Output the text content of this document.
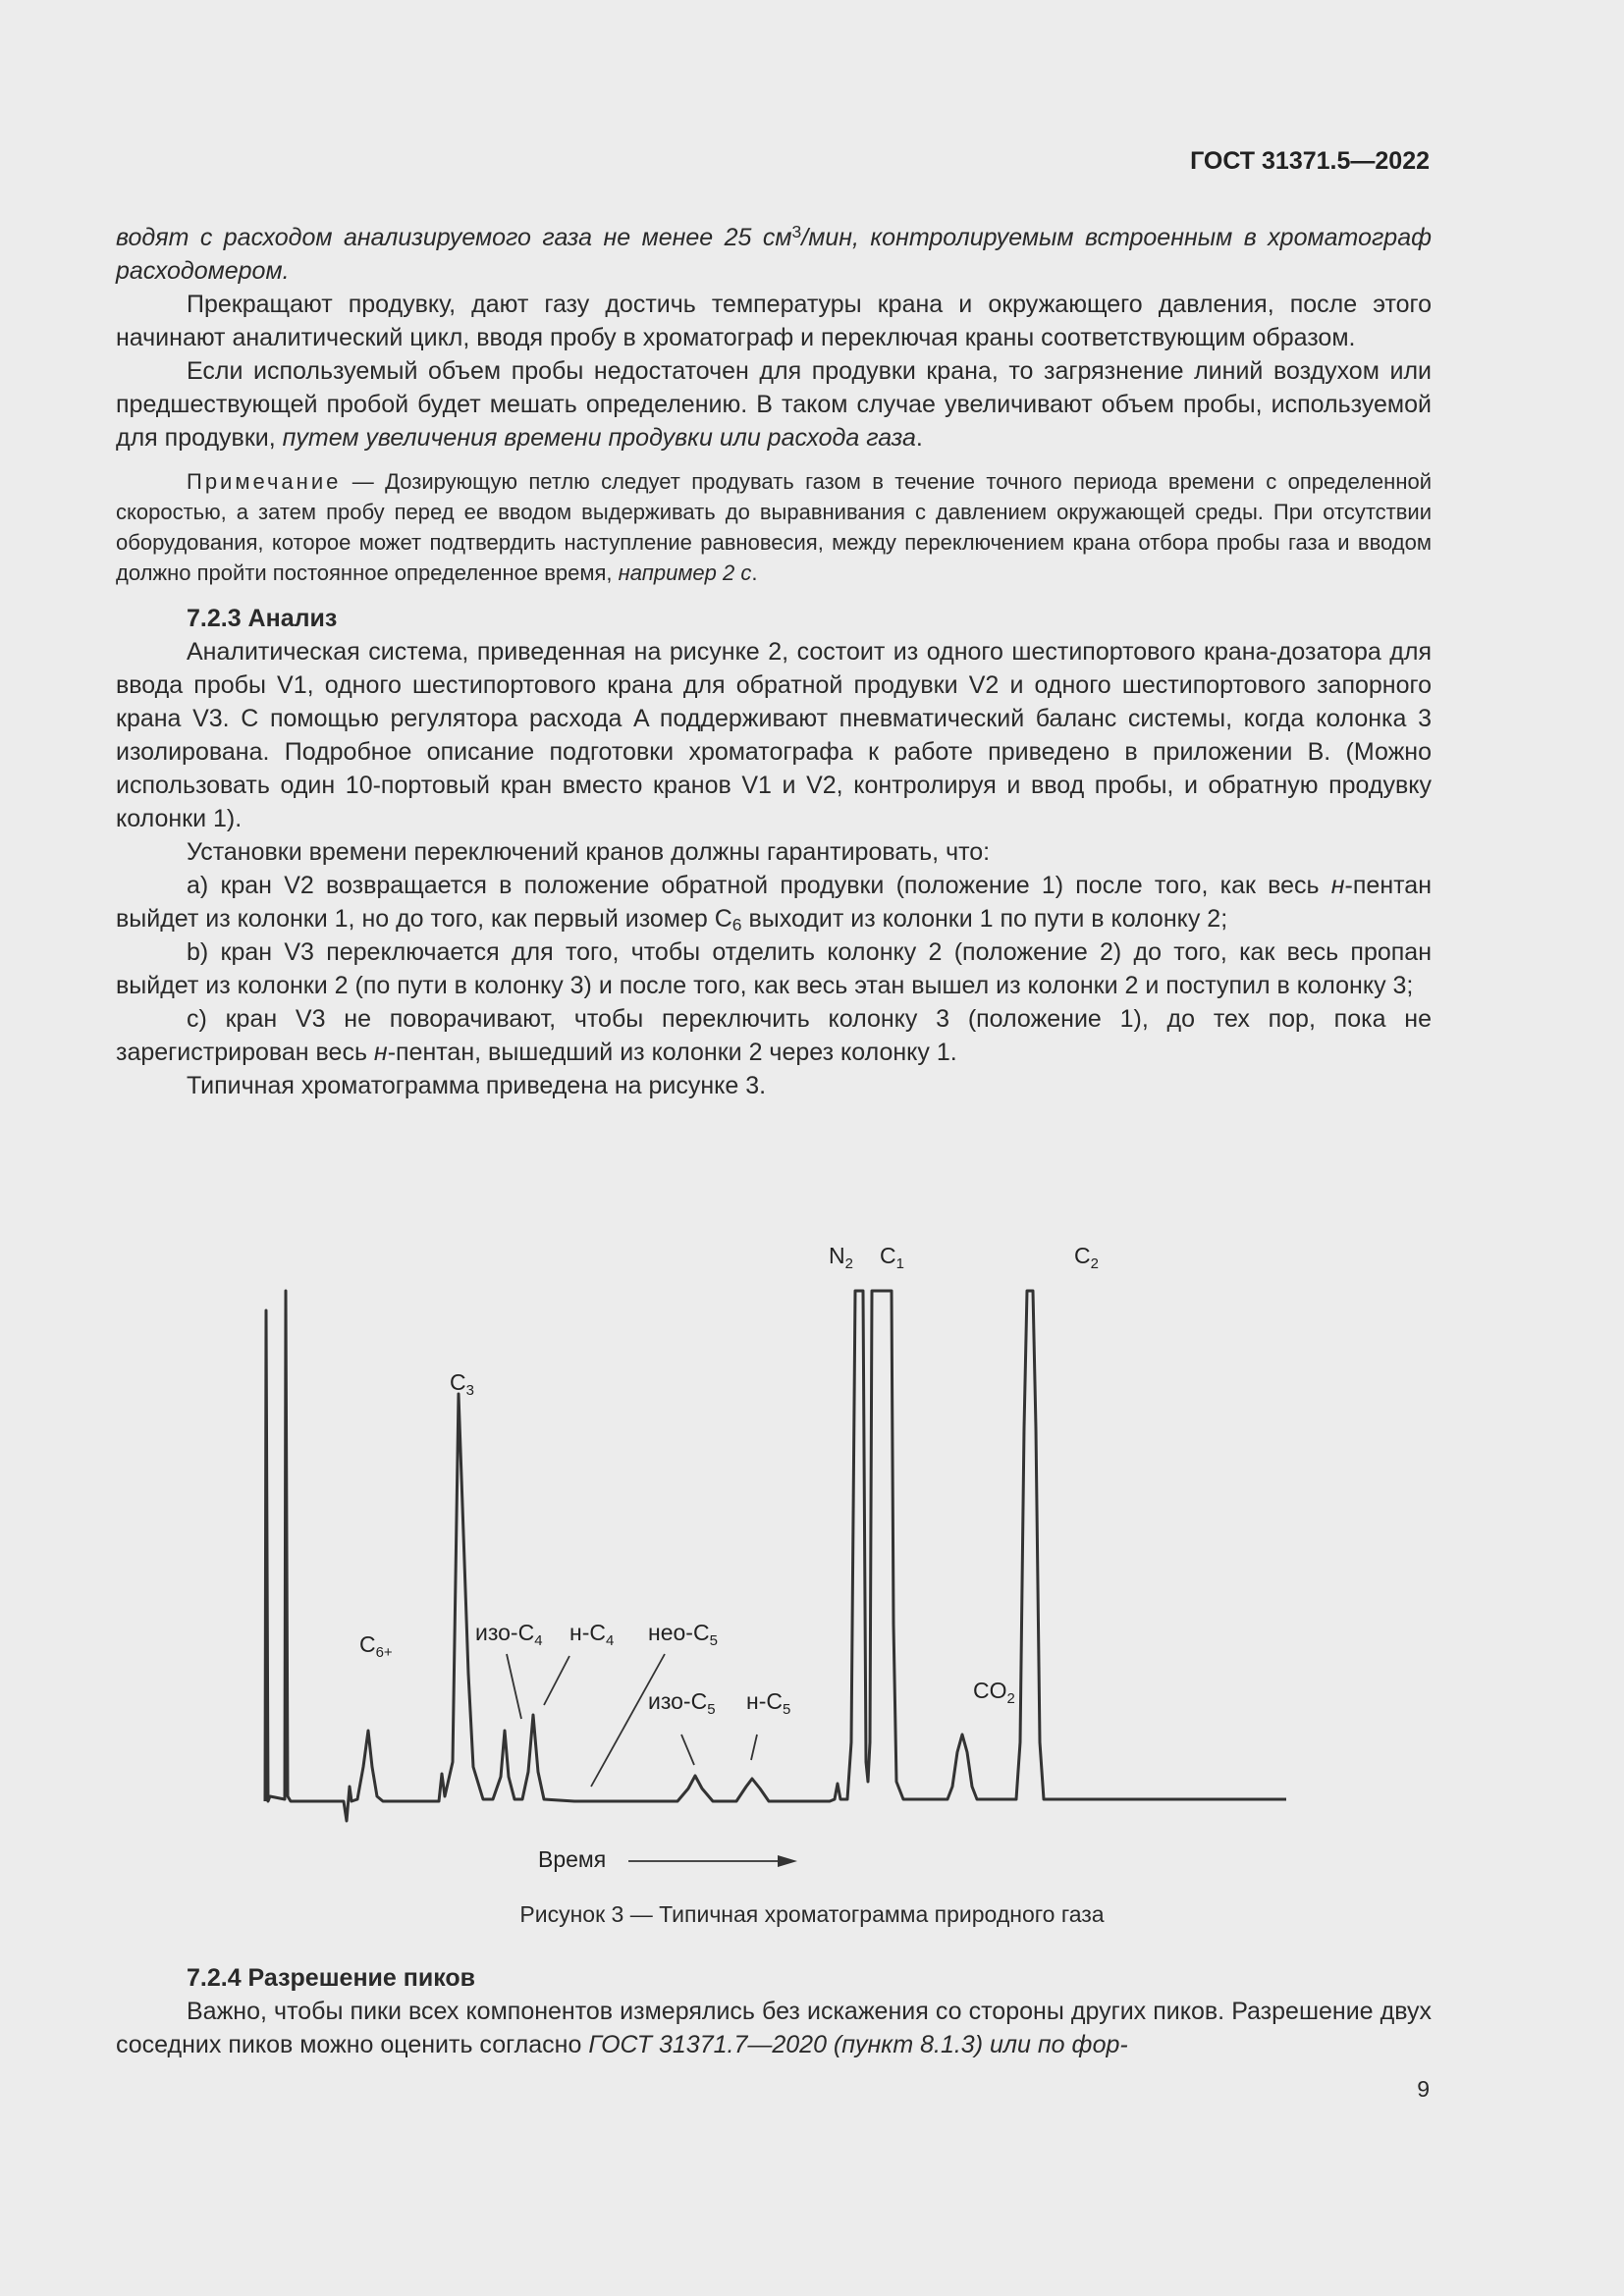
ГОСТ 31371.5—2022

водят с расходом анализируемого газа не менее 25 $см^3$/мин, контролируемым встроенным в хроматограф расходомером.

Прекращают продувку, дают газу достичь температуры крана и окружающего давления, после этого начинают аналитический цикл, вводя пробу в хроматограф и переключая краны соответствующим образом.

Если используемый объем пробы недостаточен для продувки крана, то загрязнение линий воздухом или предшествующей пробой будет мешать определению. В таком случае увеличивают объем пробы, используемой для продувки, путем увеличения времени продувки или расхода газа.

Примечание — Дозирующую петлю следует продувать газом в течение точного периода времени с определенной скоростью, а затем пробу перед ее вводом выдерживать до выравнивания с давлением окружающей среды. При отсутствии оборудования, которое может подтвердить наступление равновесия, между переключением крана отбора пробы газа и вводом должно пройти постоянное определенное время, например 2 с.

7.2.3 Анализ

Аналитическая система, приведенная на рисунке 2, состоит из одного шестипортового крана-дозатора для ввода пробы V1, одного шестипортового крана для обратной продувки V2 и одного шестипортового запорного крана V3. С помощью регулятора расхода A поддерживают пневматический баланс системы, когда колонка 3 изолирована. Подробное описание подготовки хроматографа к работе приведено в приложении В. (Можно использовать один 10-портовый кран вместо кранов V1 и V2, контролируя и ввод пробы, и обратную продувку колонки 1).

Установки времени переключений кранов должны гарантировать, что:

a) кран V2 возвращается в положение обратной продувки (положение 1) после того, как весь н-пентан выйдет из колонки 1, но до того, как первый изомер $C_6$ выходит из колонки 1 по пути в колонку 2;

b) кран V3 переключается для того, чтобы отделить колонку 2 (положение 2) до того, как весь пропан выйдет из колонки 2 (по пути в колонку 3) и после того, как весь этан вышел из колонки 2 и поступил в колонку 3;

c) кран V3 не поворачивают, чтобы переключить колонку 3 (положение 1), до тех пор, пока не зарегистрирован весь н-пентан, вышедший из колонки 2 через колонку 1.

Типичная хроматограмма приведена на рисунке 3.

$N_2$ $C_1$	$C_2$
$C_3$
$C_{6+}$
изо-$C_4$ $н-C_4$ нео-$C_5$
изо-$C_5$ $н-C_5$
$CO_2$
Время
Рисунок 3 — Типичная хроматограмма природного газа

7.2.4 Разрешение пиков

Важно, чтобы пики всех компонентов измерялись без искажения со стороны других пиков. Разрешение двух соседних пиков можно оценить согласно ГОСТ 31371.7—2020 (пункт 8.1.3) или по фор-

9
